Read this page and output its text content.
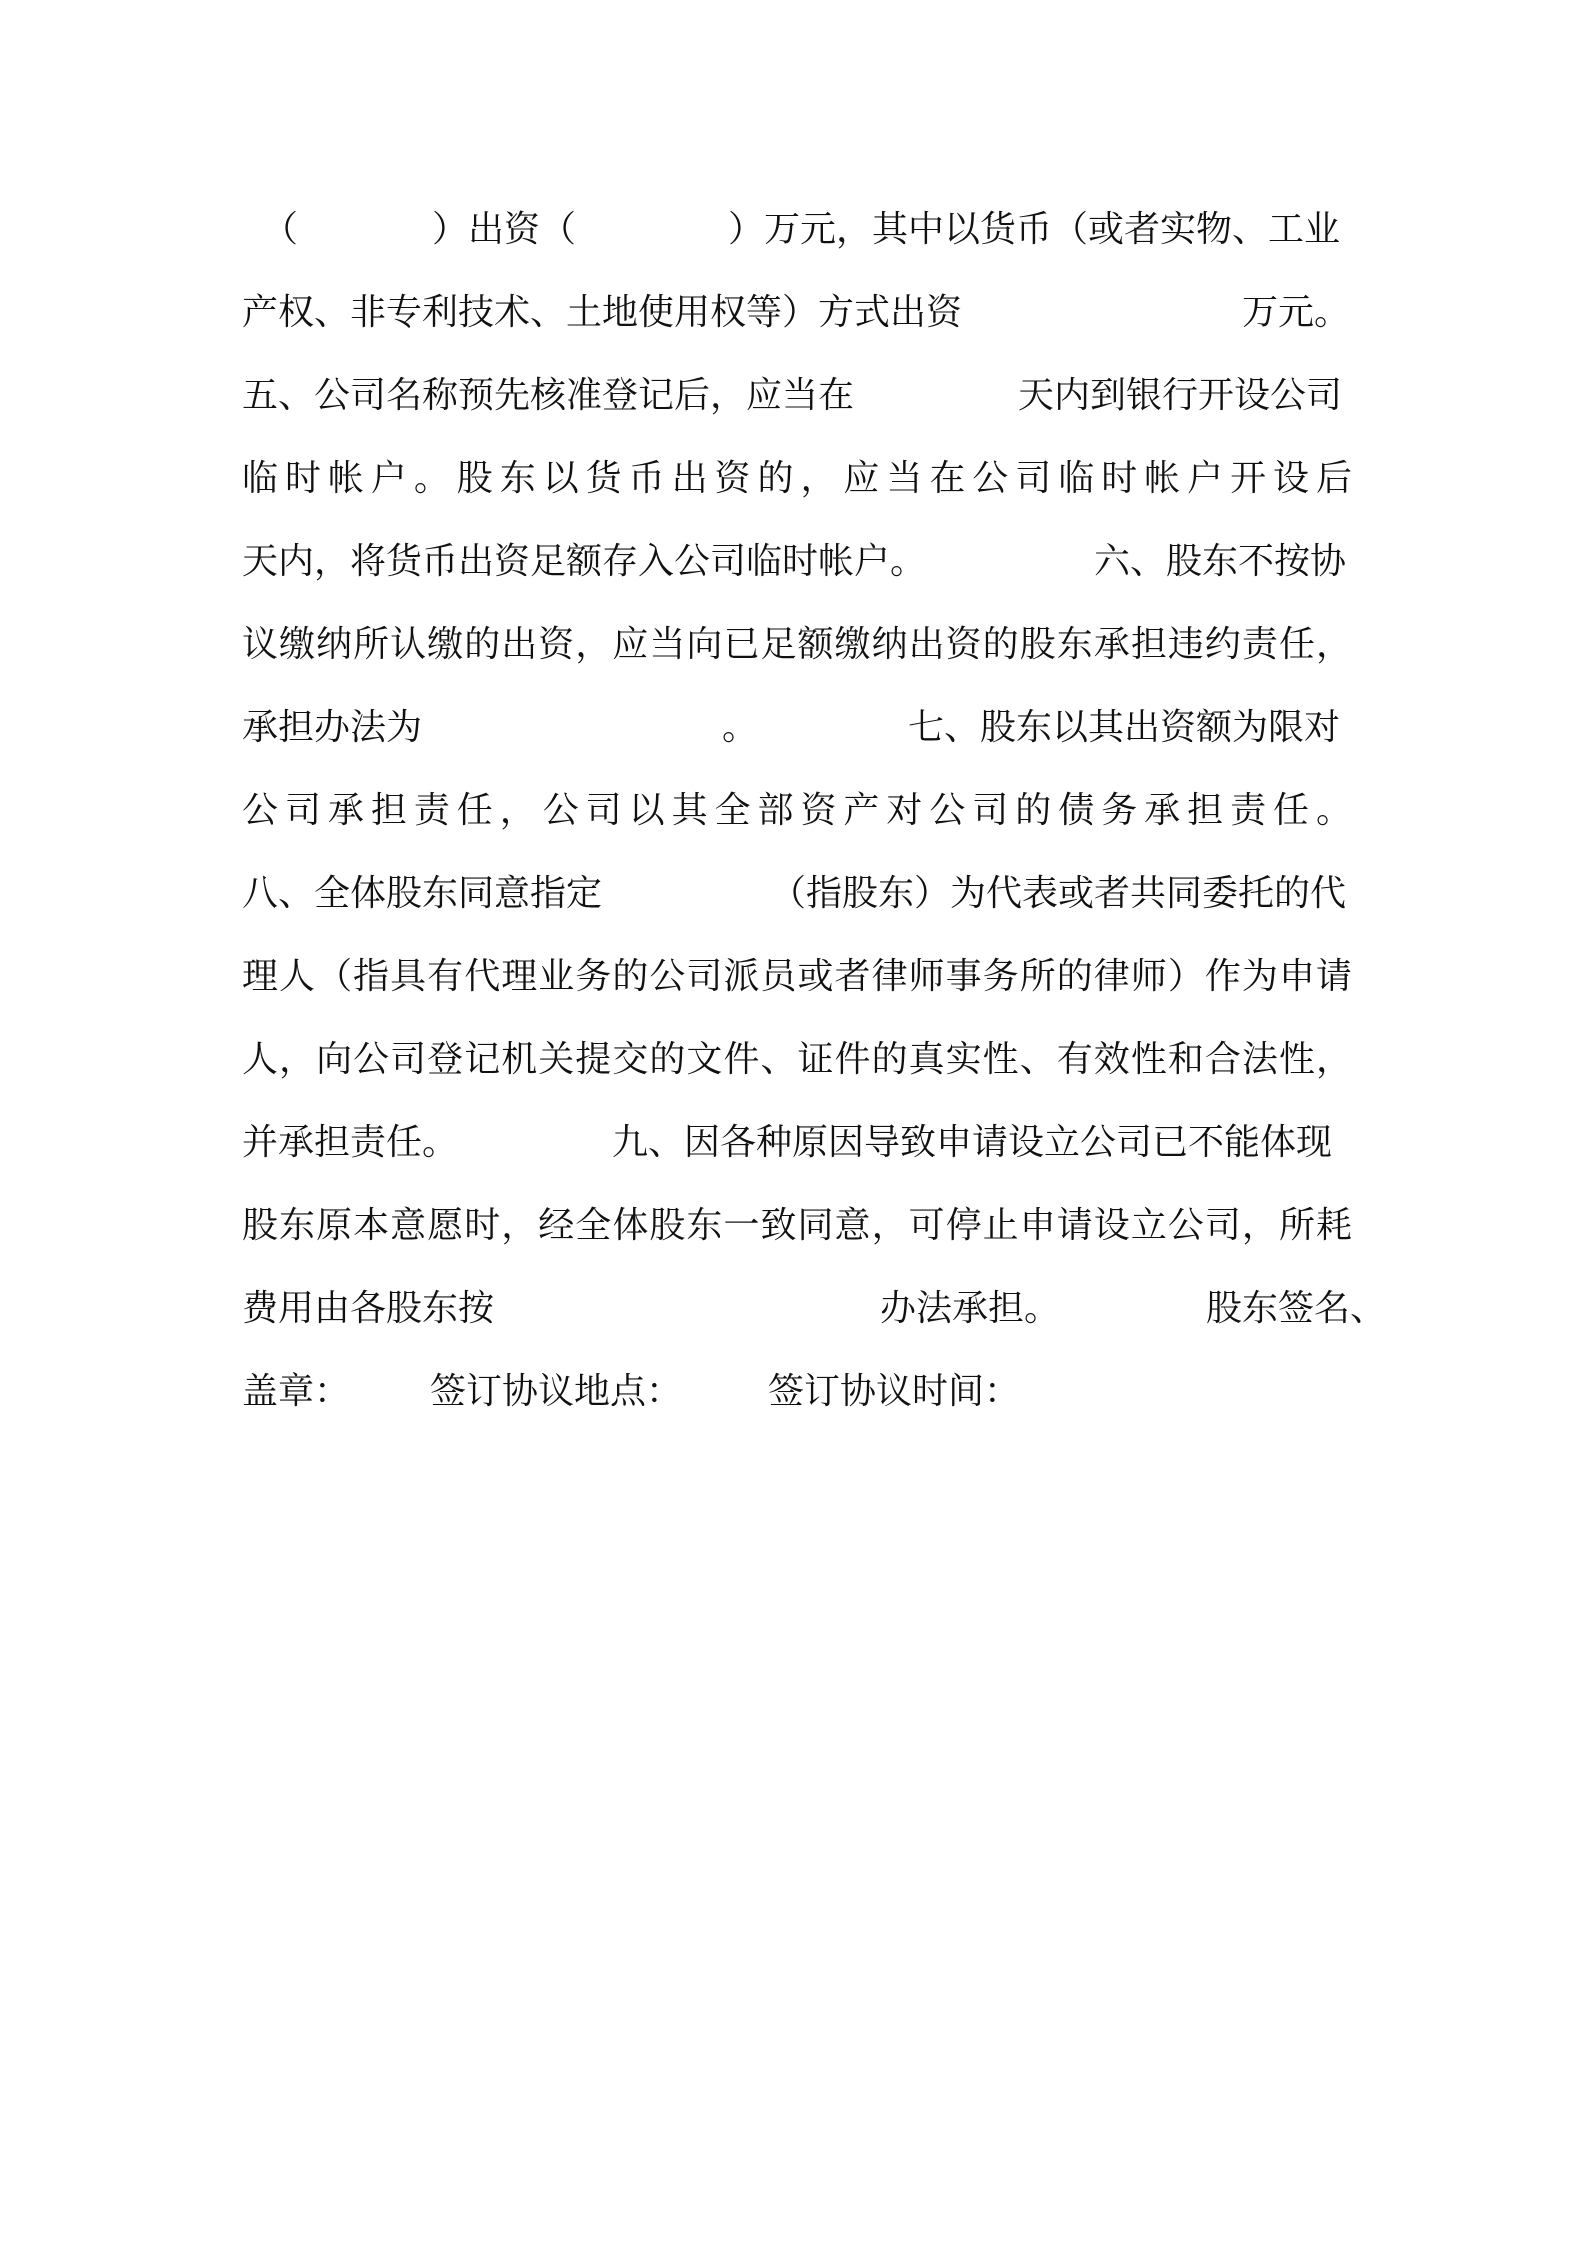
（

	）出资（

	）万元，其中以货币（或者实物、工业

产权、非专利技术、土地使用权等）方式出资

	万元。

五、公司名称预先核准登记后，应当在

	天内到银行开设公司

临时帐户。股东以货币出资的，应当在公司临时帐户开设后

天内，将货币出资足额存入公司临时帐户。

	六、股东不按协

议缴纳所认缴的出资，应当向已足额缴纳出资的股东承担违约责任，

承担办法为

	。

	七、股东以其出资额为限对

公司承担责任，公司以其全部资产对公司的债务承担责任。

八、全体股东同意指定

	（指股东）为代表或者共同委托的代

理人（指具有代理业务的公司派员或者律师事务所的律师）作为申请
人，向公司登记机关提交的文件、证件的真实性、有效性和合法性，

并承担责任。

	九、因各种原因导致申请设立公司已不能体现

股东原本意愿时，经全体股东一致同意，可停止申请设立公司，所耗

费用由各股东按

	办法承担。

	股东签名、

盖章：

签订协议地点：

签订协议时间：
